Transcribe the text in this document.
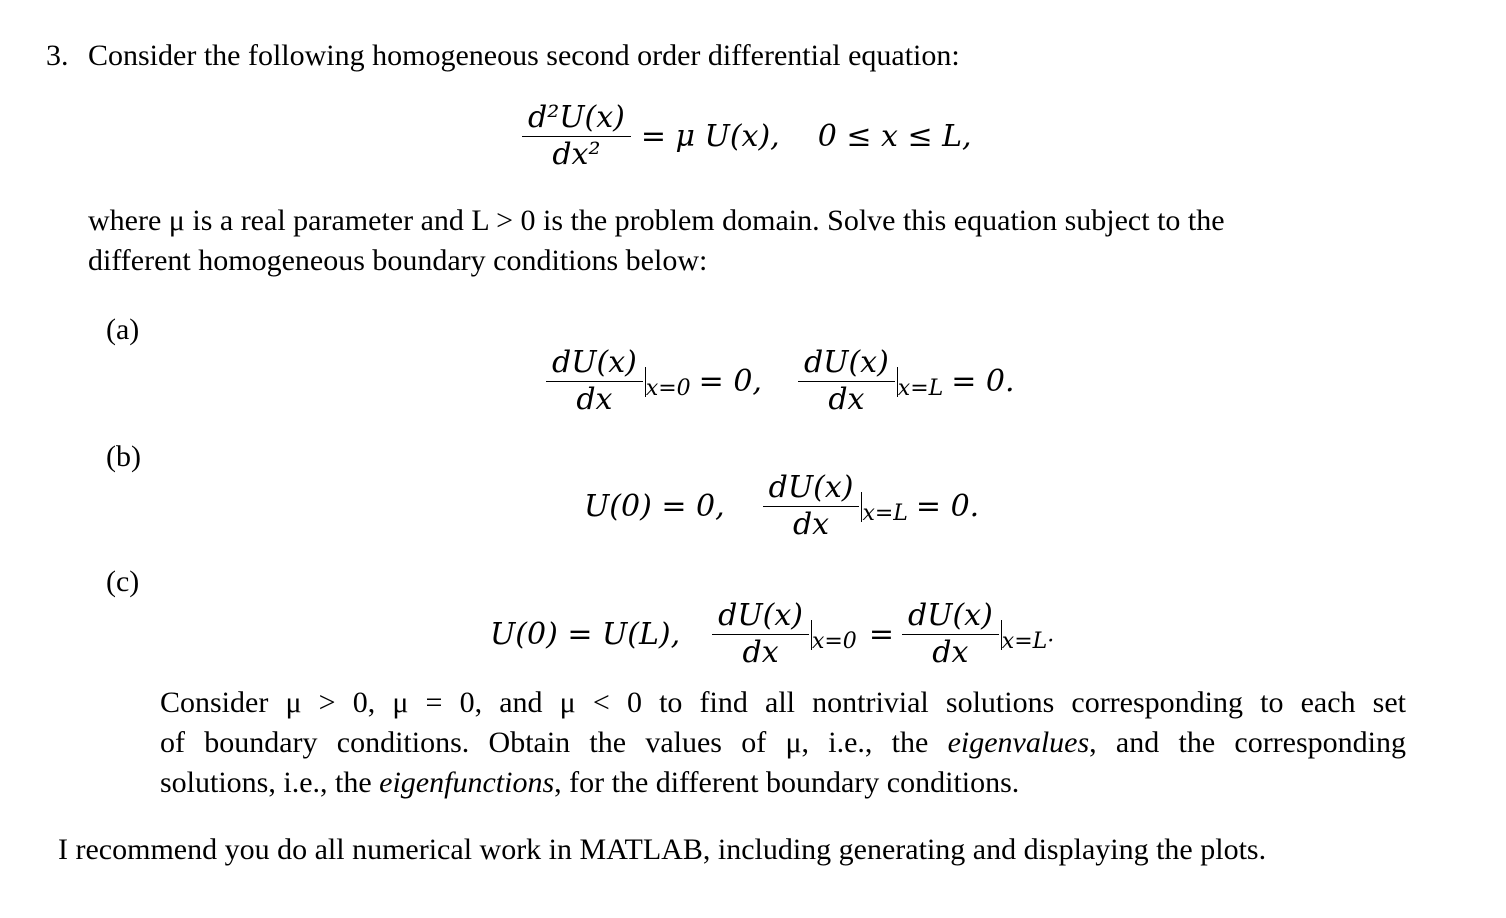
3. Consider the following homogeneous second order differential equation:
$\frac{\text{d²U(x)}}{\text{dx²}} = \mu$ U(x), 0 ≤ x ≤ L,
where μ is a real parameter and L > 0 is the problem domain. Solve this equation subject to the
different homogeneous boundary conditions below:
(a)
$\frac{dU(x)}{dx} x=0 = 0$, $\frac{dU(x)}{dx} x=L = 0$.
(b)
U(0) = 0, $\frac{dU(x)}{dx} x=L = 0$.
(c)
U(0) = U(L), $\frac{dU(x)}{dx} x=0 = \frac{dU(x)}{dx} x=L\cdot$
Consider μ > 0, μ = 0, and μ < 0 to find all nontrivial solutions corresponding to each set
of boundary conditions. Obtain the values of μ, i.e., the eigenvalues, and the corresponding
solutions, i.e., the eigenfunctions, for the different boundary conditions.
I recommend you do all numerical work in MATLAB, including generating and displaying the plots.
